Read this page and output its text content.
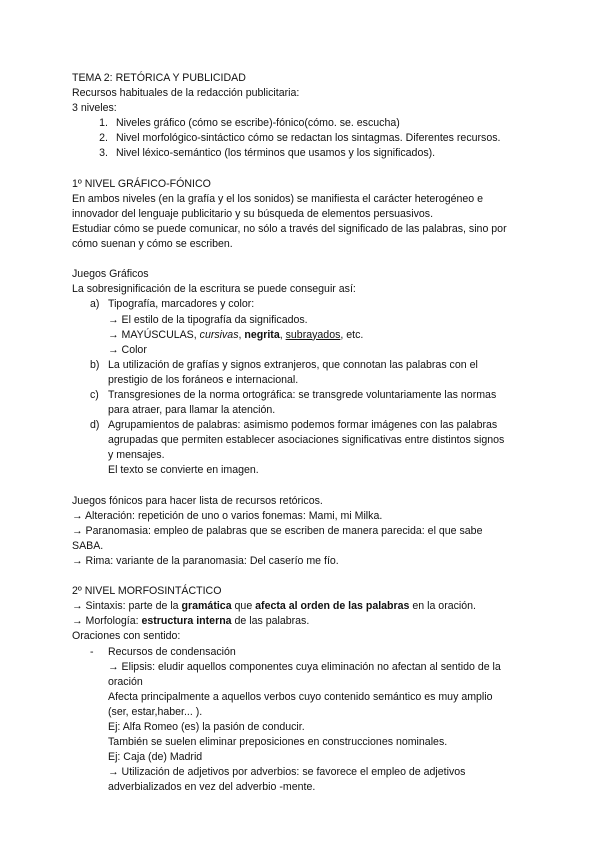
TEMA 2: RETÓRICA Y PUBLICIDAD
Recursos habituales de la redacción publicitaria:
3 niveles:
1. Niveles gráfico (cómo se escribe)-fónico(cómo. se. escucha)
2. Nivel morfológico-sintáctico cómo se redactan los sintagmas. Diferentes recursos.
3. Nivel léxico-semántico (los términos que usamos y los significados).
1º NIVEL GRÁFICO-FÓNICO
En ambos niveles (en la grafía y el los sonidos) se manifiesta el carácter heterogéneo e
innovador del lenguaje publicitario y su búsqueda de elementos persuasivos.
Estudiar cómo se puede comunicar, no sólo a través del significado de las palabras, sino por
cómo suenan y cómo se escriben.
Juegos Gráficos
La sobresignificación de la escritura se puede conseguir así:
a) Tipografía, marcadores y color:
→ El estilo de la tipografía da significados.
→ MAYÚSCULAS, cursivas, negrita, subrayados, etc.
→ Color
b) La utilización de grafías y signos extranjeros, que connotan las palabras con el
prestigio de los foráneos e internacional.
c) Transgresiones de la norma ortográfica: se transgrede voluntariamente las normas
para atraer, para llamar la atención.
d) Agrupamientos de palabras: asimismo podemos formar imágenes con las palabras
agrupadas que permiten establecer asociaciones significativas entre distintos signos
y mensajes.
El texto se convierte en imagen.
Juegos fónicos para hacer lista de recursos retóricos.
→ Alteración: repetición de uno o varios fonemas: Mami, mi Milka.
→ Paranomasia: empleo de palabras que se escriben de manera parecida: el que sabe
SABA.
→ Rima: variante de la paranomasia: Del caserío me fío.
2º NIVEL MORFOSINTÁCTICO
→ Sintaxis: parte de la gramática que afecta al orden de las palabras en la oración.
→ Morfología: estructura interna de las palabras.
Oraciones con sentido:
-	Recursos de condensación
→ Elipsis: eludir aquellos componentes cuya eliminación no afectan al sentido de la
oración
Afecta principalmente a aquellos verbos cuyo contenido semántico es muy amplio
(ser, estar,haber... ).
Ej: Alfa Romeo (es) la pasión de conducir.
También se suelen eliminar preposiciones en construcciones nominales.
Ej: Caja (de) Madrid
→ Utilización de adjetivos por adverbios: se favorece el empleo de adjetivos
adverbializados en vez del adverbio -mente.
